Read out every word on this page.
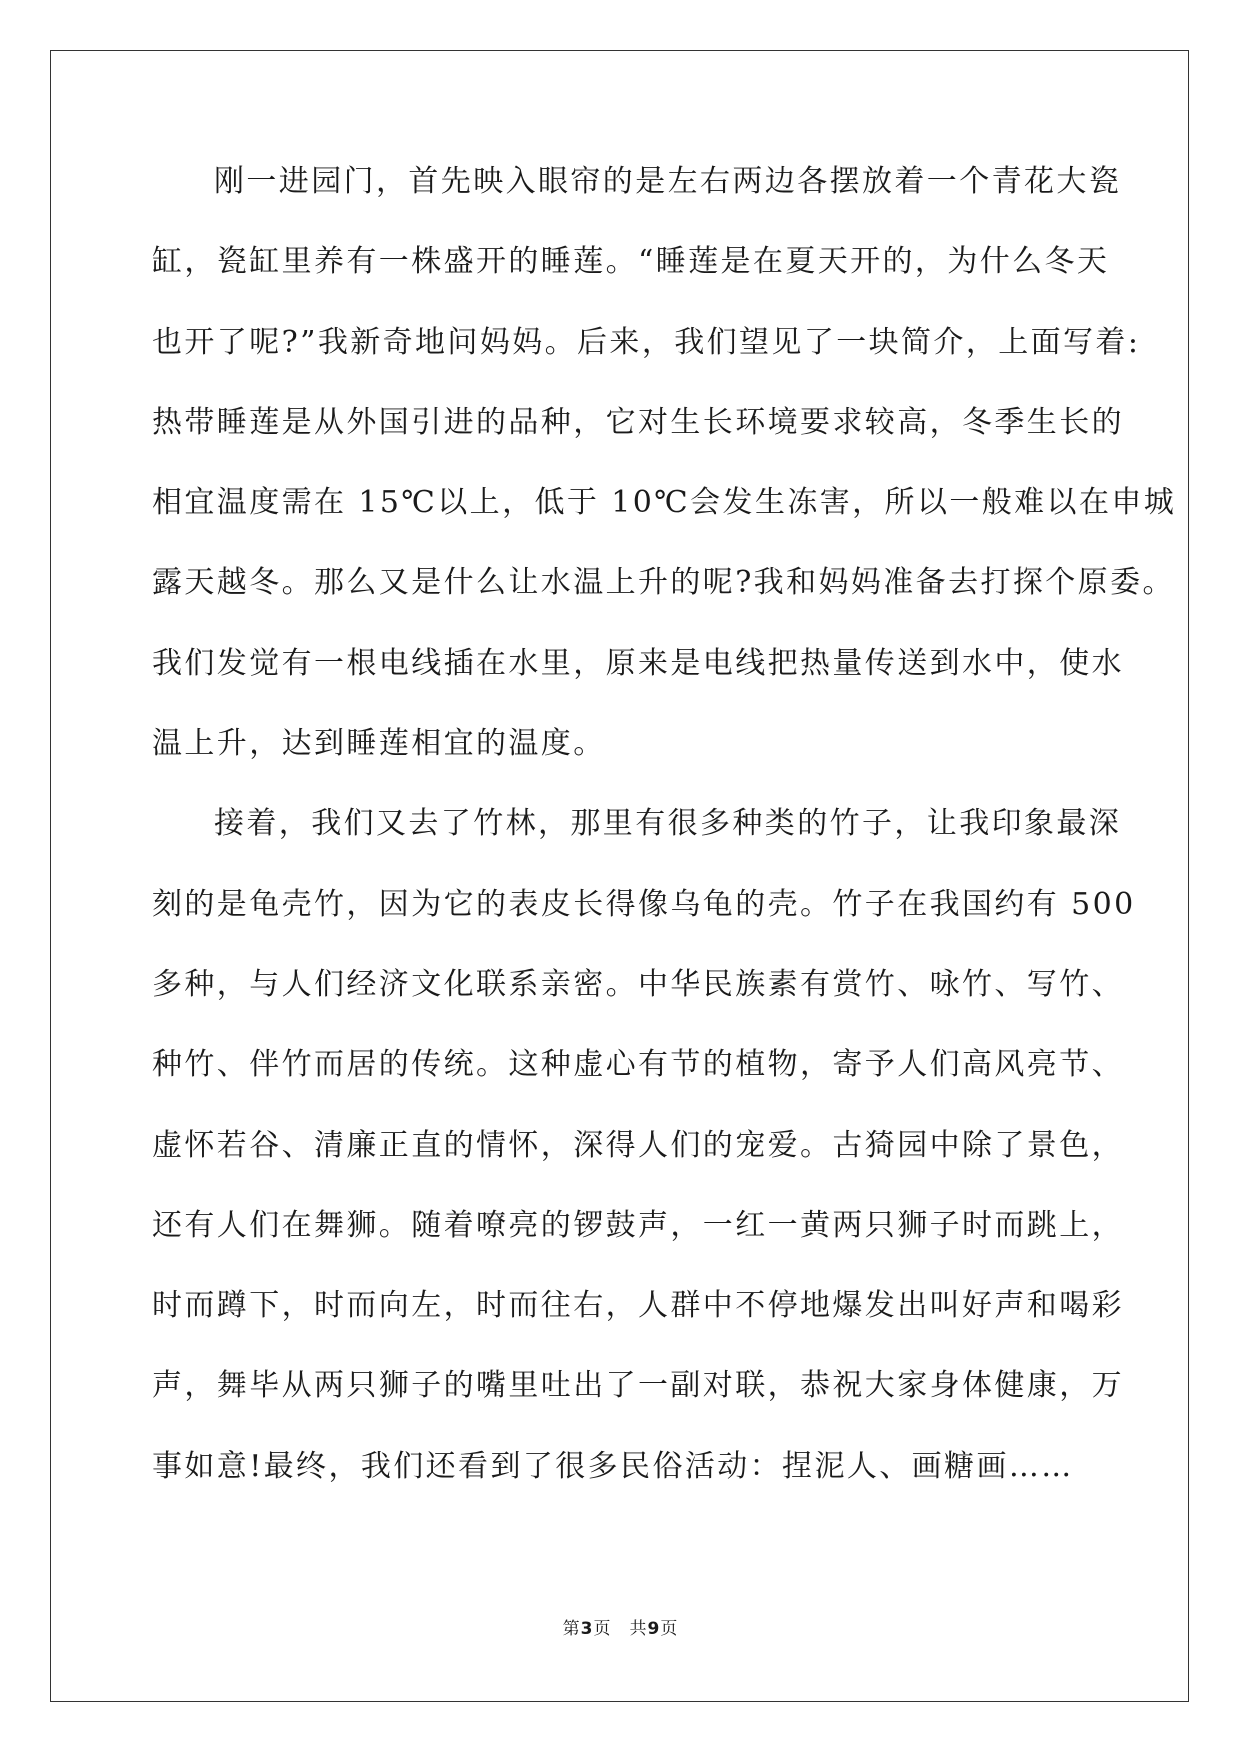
刚一进园门，首先映入眼帘的是左右两边各摆放着一个青花大瓷
缸，瓷缸里养有一株盛开的睡莲。“睡莲是在夏天开的，为什么冬天
也开了呢?”我新奇地问妈妈。后来，我们望见了一块简介，上面写着:
热带睡莲是从外国引进的品种，它对生长环境要求较高，冬季生长的
相宜温度需在 15℃以上，低于 10℃会发生冻害，所以一般难以在申城
露天越冬。那么又是什么让水温上升的呢?我和妈妈准备去打探个原委。
我们发觉有一根电线插在水里，原来是电线把热量传送到水中，使水
温上升，达到睡莲相宜的温度。
接着，我们又去了竹林，那里有很多种类的竹子，让我印象最深
刻的是龟壳竹，因为它的表皮长得像乌龟的壳。竹子在我国约有 500
多种，与人们经济文化联系亲密。中华民族素有赏竹、咏竹、写竹、
种竹、伴竹而居的传统。这种虚心有节的植物，寄予人们高风亮节、
虚怀若谷、清廉正直的情怀，深得人们的宠爱。古猗园中除了景色，
还有人们在舞狮。随着嘹亮的锣鼓声，一红一黄两只狮子时而跳上，
时而蹲下，时而向左，时而往右，人群中不停地爆发出叫好声和喝彩
声，舞毕从两只狮子的嘴里吐出了一副对联，恭祝大家身体健康，万
事如意!最终，我们还看到了很多民俗活动：捏泥人、画糖画……
第3页 共9页
